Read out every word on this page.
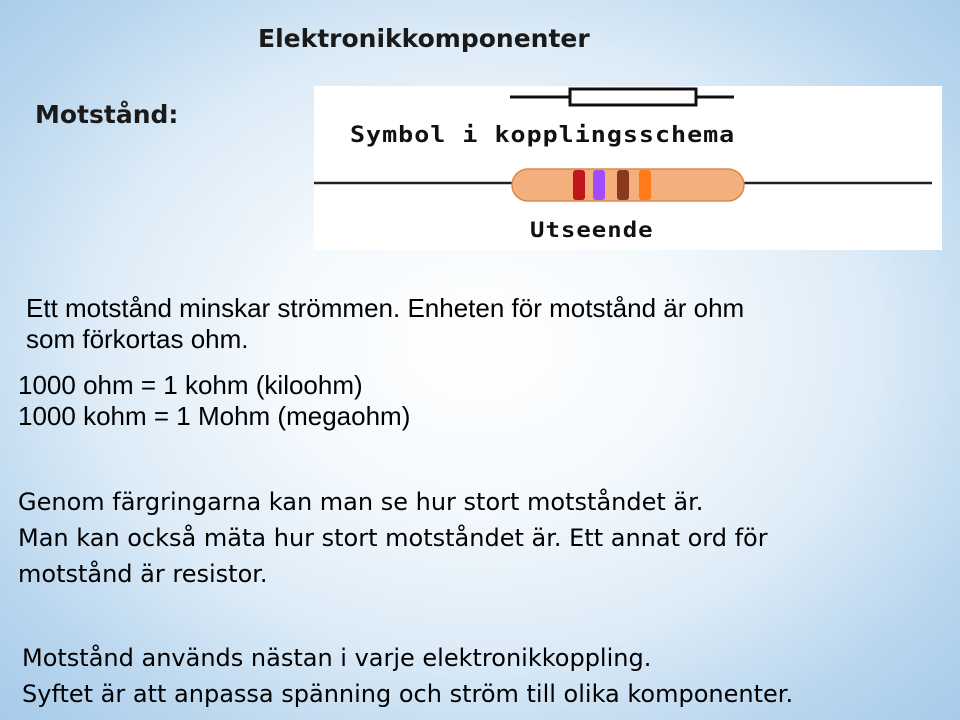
Elektronikkomponenter
Motstånd:
Symbol i kopplingsschema
Utseende
Ett motstånd minskar strömmen. Enheten för motstånd är ohm
som förkortas ohm.
1000 ohm = 1 kohm (kiloohm)
1000 kohm = 1 Mohm (megaohm)
Genom färgringarna kan man se hur stort motståndet är.
Man kan också mäta hur stort motståndet är. Ett annat ord för
motstånd är resistor.
Motstånd används nästan i varje elektronikkoppling.
Syftet är att anpassa spänning och ström till olika komponenter.
